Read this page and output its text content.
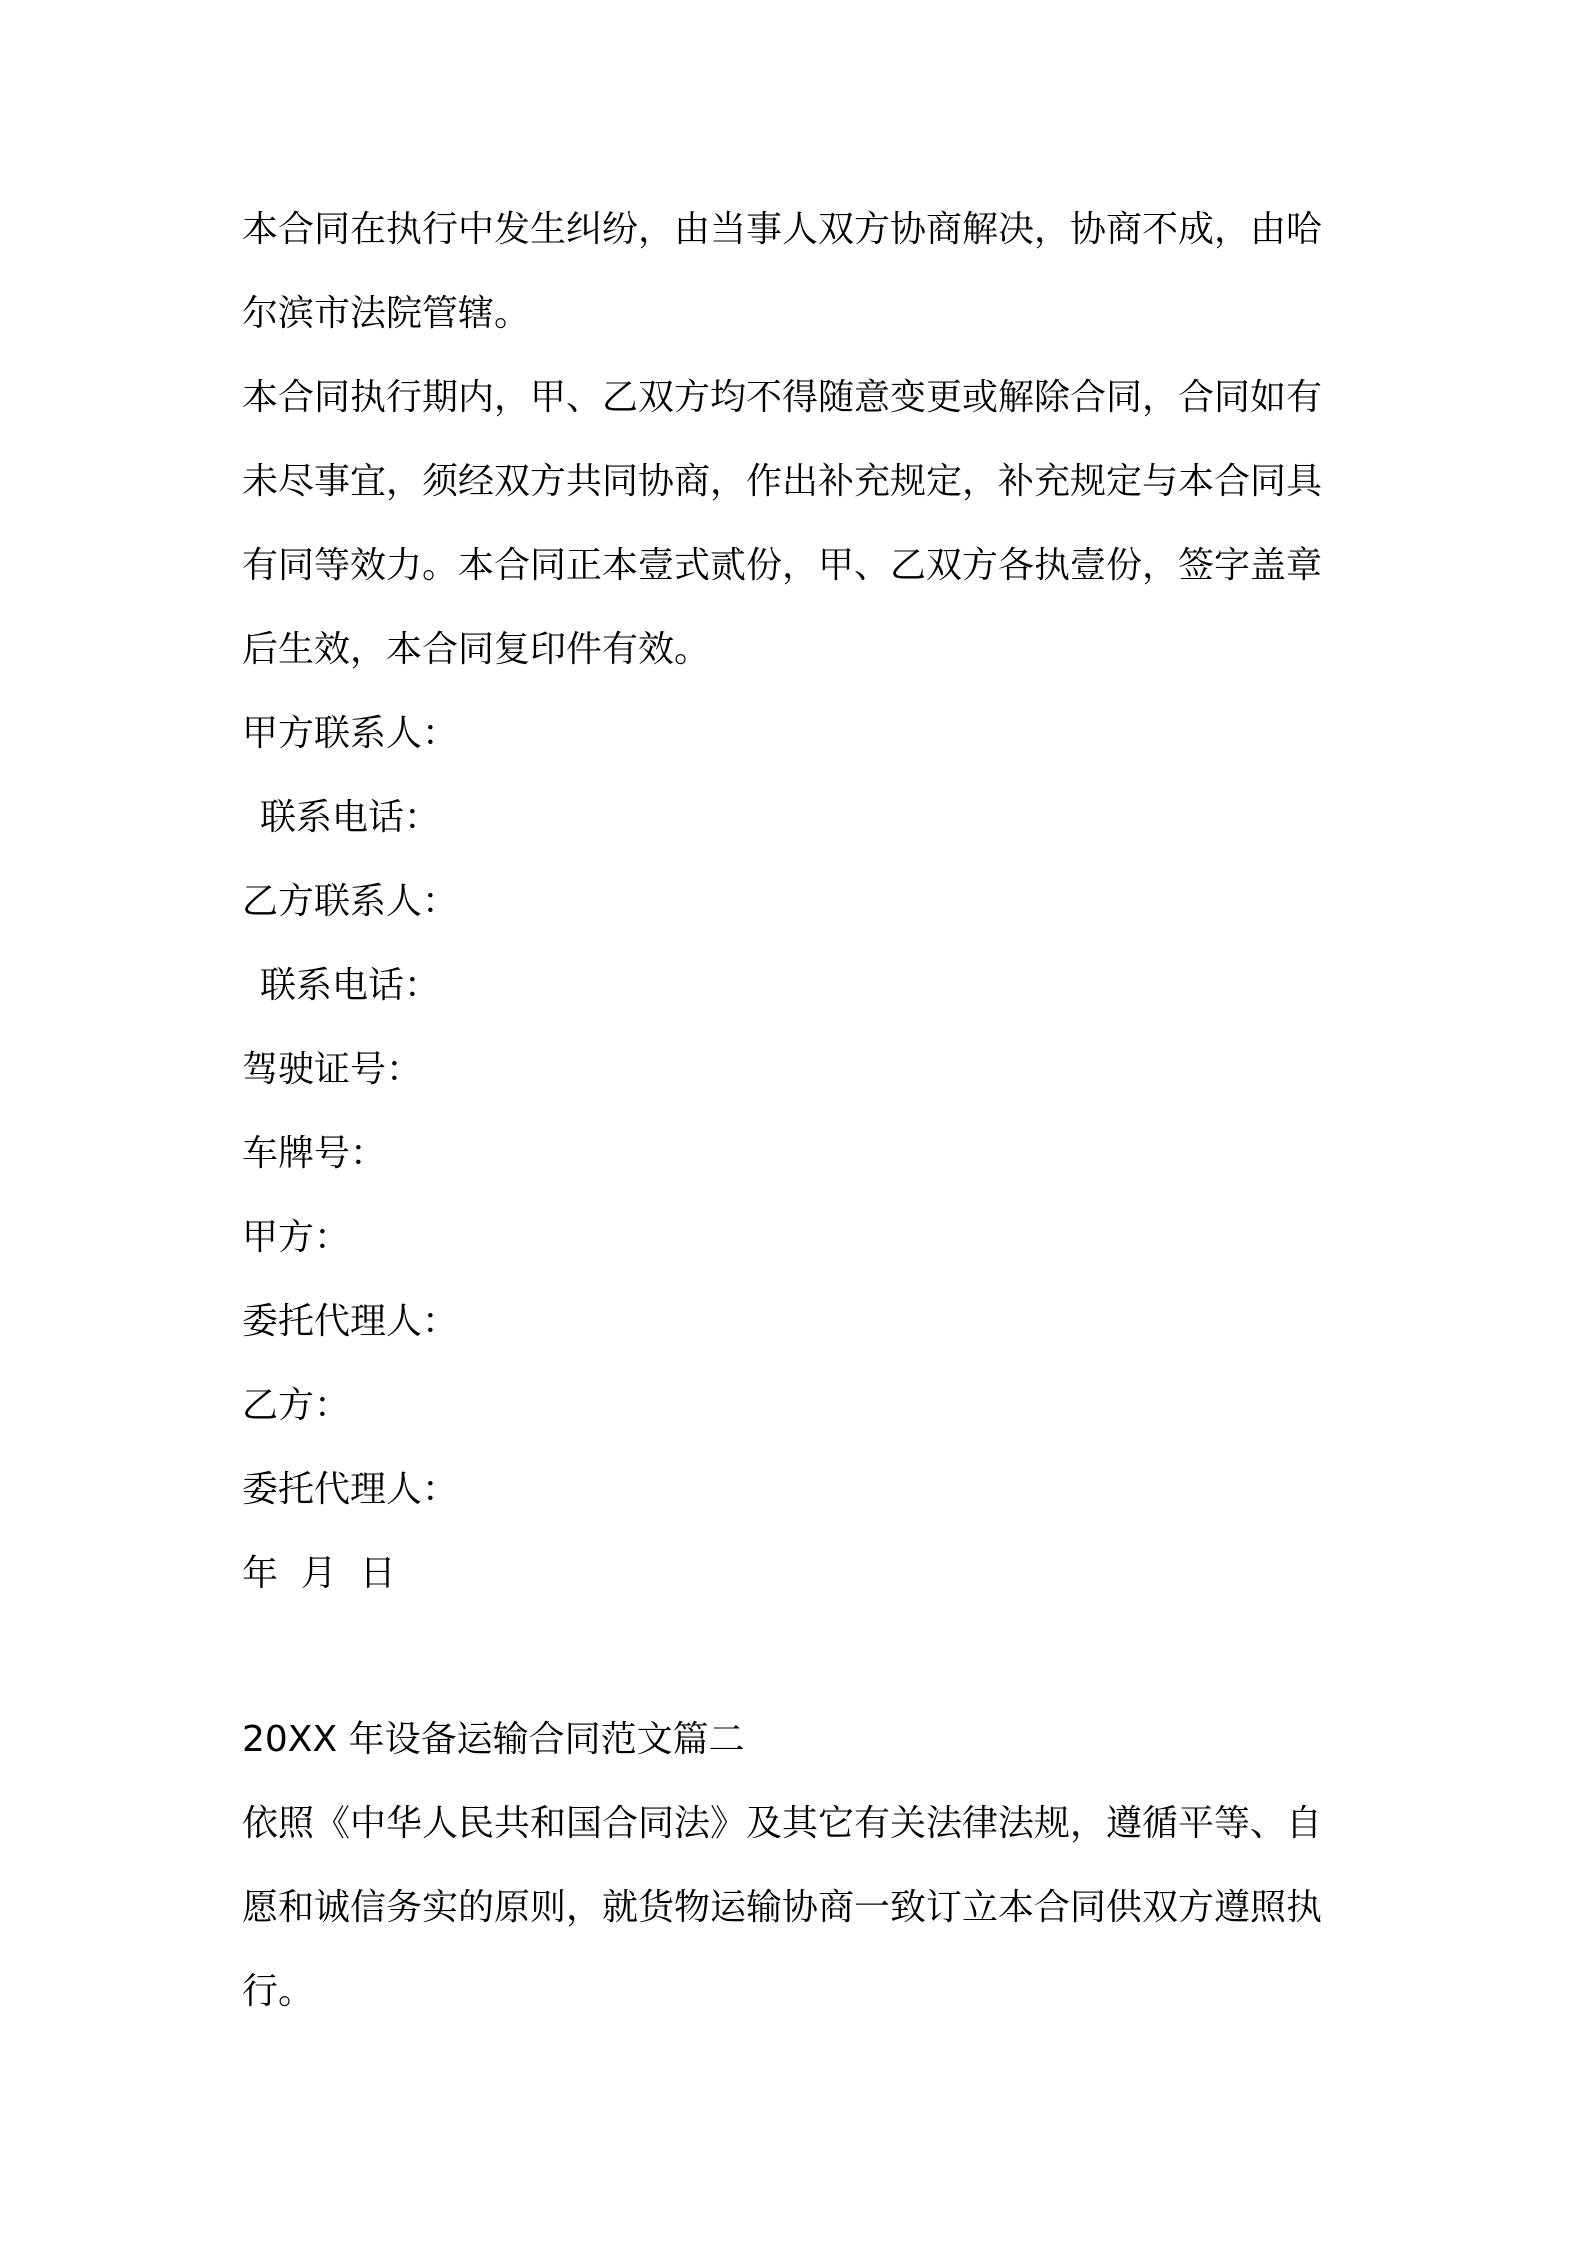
本合同在执行中发生纠纷，由当事人双方协商解决，协商不成，由哈
尔滨市法院管辖。
本合同执行期内，甲、乙双方均不得随意变更或解除合同，合同如有
未尽事宜，须经双方共同协商，作出补充规定，补充规定与本合同具
有同等效力。本合同正本壹式贰份，甲、乙双方各执壹份，签字盖章
后生效，本合同复印件有效。
甲方联系人：
联系电话：
乙方联系人：
联系电话：
驾驶证号：
车牌号：
甲方：
委托代理人：
乙方：
委托代理人：
年  月  日
20XX 年设备运输合同范文篇二
依照《中华人民共和国合同法》及其它有关法律法规，遵循平等、自
愿和诚信务实的原则，就货物运输协商一致订立本合同供双方遵照执
行。
